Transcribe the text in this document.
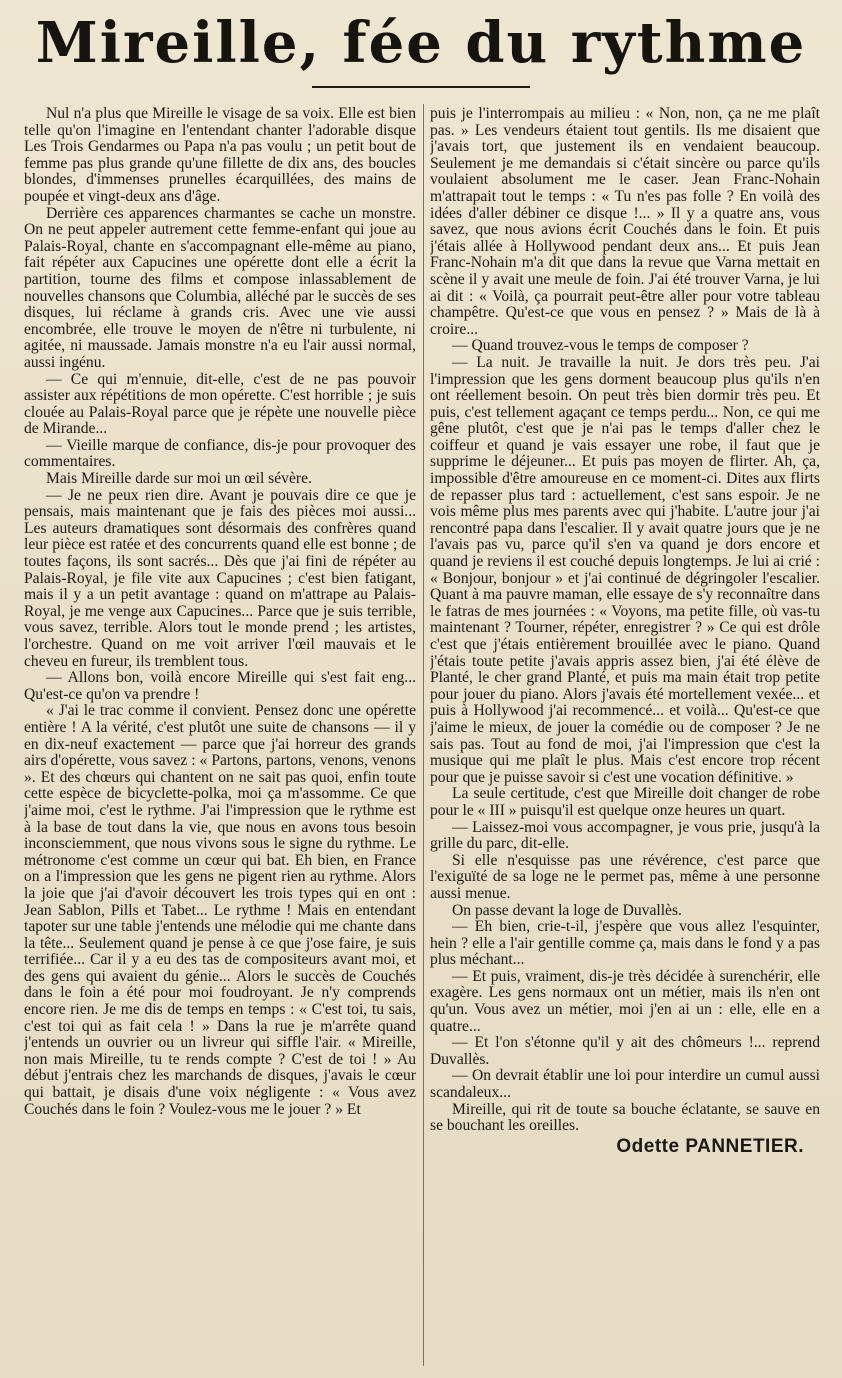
Mireille, fée du rythme

Nul n'a plus que Mireille le visage de sa voix. Elle est bien telle qu'on l'imagine en l'entendant chanter l'adorable disque Les Trois Gendarmes ou Papa n'a pas voulu ; un petit bout de femme pas plus grande qu'une fillette de dix ans, des boucles blondes, d'immenses prunelles écarquillées, des mains de poupée et vingt-deux ans d'âge.

Derrière ces apparences charmantes se cache un monstre. On ne peut appeler autrement cette femme-enfant qui joue au Palais-Royal, chante en s'accompagnant elle-même au piano, fait répéter aux Capucines une opérette dont elle a écrit la partition, tourne des films et compose inlassablement de nouvelles chansons que Columbia, alléché par le succès de ses disques, lui réclame à grands cris. Avec une vie aussi encombrée, elle trouve le moyen de n'être ni turbulente, ni agitée, ni maussade. Jamais monstre n'a eu l'air aussi normal, aussi ingénu.

— Ce qui m'ennuie, dit-elle, c'est de ne pas pouvoir assister aux répétitions de mon opérette. C'est horrible ; je suis clouée au Palais-Royal parce que je répète une nouvelle pièce de Mirande...

— Vieille marque de confiance, dis-je pour provoquer des commentaires.

Mais Mireille darde sur moi un œil sévère.

— Je ne peux rien dire. Avant je pouvais dire ce que je pensais, mais maintenant que je fais des pièces moi aussi... Les auteurs dramatiques sont désormais des confrères quand leur pièce est ratée et des concurrents quand elle est bonne ; de toutes façons, ils sont sacrés... Dès que j'ai fini de répéter au Palais-Royal, je file vite aux Capucines ; c'est bien fatigant, mais il y a un petit avantage : quand on m'attrape au Palais-Royal, je me venge aux Capucines... Parce que je suis terrible, vous savez, terrible. Alors tout le monde prend ; les artistes, l'orchestre. Quand on me voit arriver l'œil mauvais et le cheveu en fureur, ils tremblent tous.

— Allons bon, voilà encore Mireille qui s'est fait eng... Qu'est-ce qu'on va prendre !

« J'ai le trac comme il convient. Pensez donc une opérette entière ! A la vérité, c'est plutôt une suite de chansons — il y en dix-neuf exactement — parce que j'ai horreur des grands airs d'opérette, vous savez : « Partons, partons, venons, venons ». Et des chœurs qui chantent on ne sait pas quoi, enfin toute cette espèce de bicyclette-polka, moi ça m'assomme. Ce que j'aime moi, c'est le rythme. J'ai l'impression que le rythme est à la base de tout dans la vie, que nous en avons tous besoin inconsciemment, que nous vivons sous le signe du rythme. Le métronome c'est comme un cœur qui bat. Eh bien, en France on a l'impression que les gens ne pigent rien au rythme. Alors la joie que j'ai d'avoir découvert les trois types qui en ont : Jean Sablon, Pills et Tabet... Le rythme ! Mais en entendant tapoter sur une table j'entends une mélodie qui me chante dans la tête... Seulement quand je pense à ce que j'ose faire, je suis terrifiée... Car il y a eu des tas de compositeurs avant moi, et des gens qui avaient du génie... Alors le succès de Couchés dans le foin a été pour moi foudroyant. Je n'y comprends encore rien. Je me dis de temps en temps : « C'est toi, tu sais, c'est toi qui as fait cela ! » Dans la rue je m'arrête quand j'entends un ouvrier ou un livreur qui siffle l'air. « Mireille, non mais Mireille, tu te rends compte ? C'est de toi ! » Au début j'entrais chez les marchands de disques, j'avais le cœur qui battait, je disais d'une voix négligente : « Vous avez Couchés dans le foin ? Voulez-vous me le jouer ? » Et

puis je l'interrompais au milieu : « Non, non, ça ne me plaît pas. » Les vendeurs étaient tout gentils. Ils me disaient que j'avais tort, que justement ils en vendaient beaucoup. Seulement je me demandais si c'était sincère ou parce qu'ils voulaient absolument me le caser. Jean Franc-Nohain m'attrapait tout le temps : « Tu n'es pas folle ? En voilà des idées d'aller débiner ce disque !... » Il y a quatre ans, vous savez, que nous avions écrit Couchés dans le foin. Et puis j'étais allée à Hollywood pendant deux ans... Et puis Jean Franc-Nohain m'a dit que dans la revue que Varna mettait en scène il y avait une meule de foin. J'ai été trouver Varna, je lui ai dit : « Voilà, ça pourrait peut-être aller pour votre tableau champêtre. Qu'est-ce que vous en pensez ? » Mais de là à croire...

— Quand trouvez-vous le temps de composer ?

— La nuit. Je travaille la nuit. Je dors très peu. J'ai l'impression que les gens dorment beaucoup plus qu'ils n'en ont réellement besoin. On peut très bien dormir très peu. Et puis, c'est tellement agaçant ce temps perdu... Non, ce qui me gêne plutôt, c'est que je n'ai pas le temps d'aller chez le coiffeur et quand je vais essayer une robe, il faut que je supprime le déjeuner... Et puis pas moyen de flirter. Ah, ça, impossible d'être amoureuse en ce moment-ci. Dites aux flirts de repasser plus tard : actuellement, c'est sans espoir. Je ne vois même plus mes parents avec qui j'habite. L'autre jour j'ai rencontré papa dans l'escalier. Il y avait quatre jours que je ne l'avais pas vu, parce qu'il s'en va quand je dors encore et quand je reviens il est couché depuis longtemps. Je lui ai crié : « Bonjour, bonjour » et j'ai continué de dégringoler l'escalier. Quant à ma pauvre maman, elle essaye de s'y reconnaître dans le fatras de mes journées : « Voyons, ma petite fille, où vas-tu maintenant ? Tourner, répéter, enregistrer ? » Ce qui est drôle c'est que j'étais entièrement brouillée avec le piano. Quand j'étais toute petite j'avais appris assez bien, j'ai été élève de Planté, le cher grand Planté, et puis ma main était trop petite pour jouer du piano. Alors j'avais été mortellement vexée... et puis à Hollywood j'ai recommencé... et voilà... Qu'est-ce que j'aime le mieux, de jouer la comédie ou de composer ? Je ne sais pas. Tout au fond de moi, j'ai l'impression que c'est la musique qui me plaît le plus. Mais c'est encore trop récent pour que je puisse savoir si c'est une vocation définitive. »

La seule certitude, c'est que Mireille doit changer de robe pour le « III » puisqu'il est quelque onze heures un quart.

— Laissez-moi vous accompagner, je vous prie, jusqu'à la grille du parc, dit-elle.

Si elle n'esquisse pas une révérence, c'est parce que l'exiguïté de sa loge ne le permet pas, même à une personne aussi menue.

On passe devant la loge de Duvallès.

— Eh bien, crie-t-il, j'espère que vous allez l'esquinter, hein ? elle a l'air gentille comme ça, mais dans le fond y a pas plus méchant...

— Et puis, vraiment, dis-je très décidée à surenchérir, elle exagère. Les gens normaux ont un métier, mais ils n'en ont qu'un. Vous avez un métier, moi j'en ai un : elle, elle en a quatre...

— Et l'on s'étonne qu'il y ait des chômeurs !... reprend Duvallès.

— On devrait établir une loi pour interdire un cumul aussi scandaleux...

Mireille, qui rit de toute sa bouche éclatante, se sauve en se bouchant les oreilles.

Odette PANNETIER.
